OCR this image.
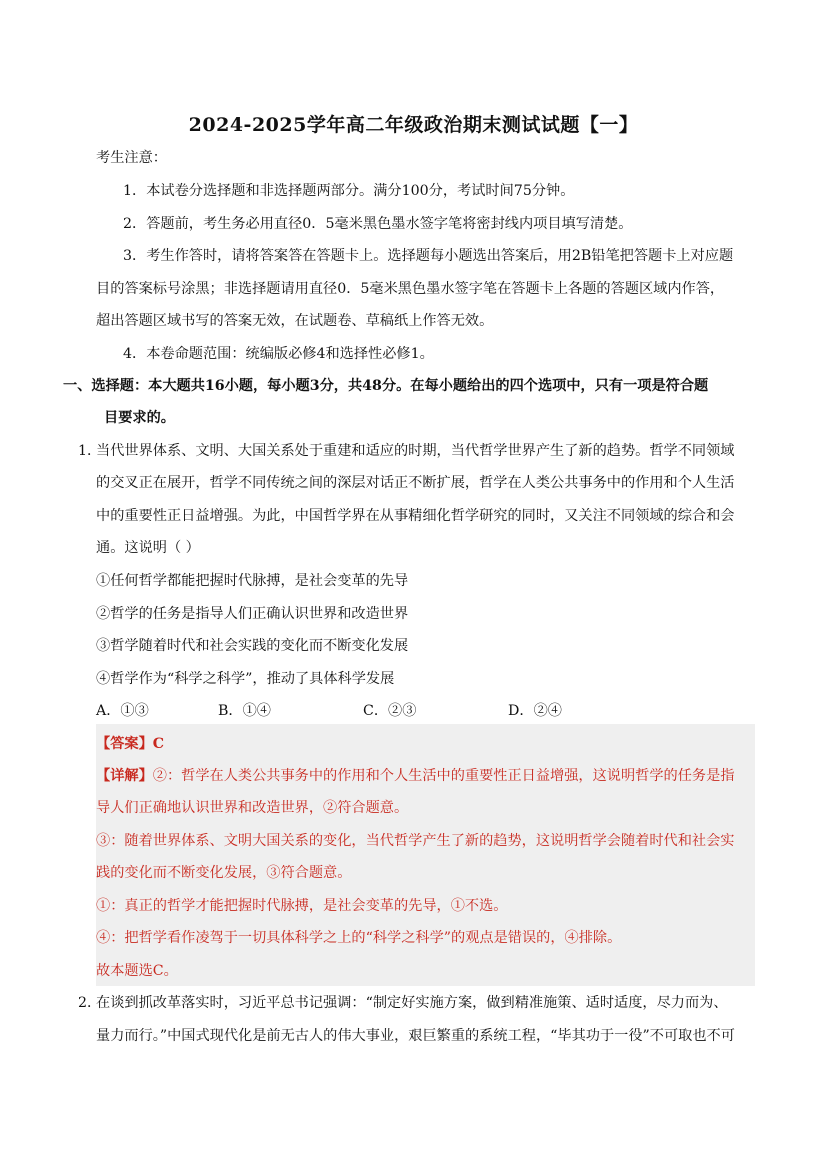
2024-2025学年高二年级政治期末测试试题【一】
考生注意：
1．本试卷分选择题和非选择题两部分。满分100分，考试时间75分钟。
2．答题前，考生务必用直径0．5毫米黑色墨水签字笔将密封线内项目填写清楚。
3．考生作答时，请将答案答在答题卡上。选择题每小题选出答案后，用2B铅笔把答题卡上对应题
目的答案标号涂黑；非选择题请用直径0．5毫米黑色墨水签字笔在答题卡上各题的答题区域内作答，
超出答题区域书写的答案无效，在试题卷、草稿纸上作答无效。
4．本卷命题范围：统编版必修4和选择性必修1。
一、选择题：本大题共16小题，每小题3分，共48分。在每小题给出的四个选项中，只有一项是符合题
目要求的。
1．
当代世界体系、文明、大国关系处于重建和适应的时期，当代哲学世界产生了新的趋势。哲学不同领域
的交叉正在展开，哲学不同传统之间的深层对话正不断扩展，哲学在人类公共事务中的作用和个人生活
中的重要性正日益增强。为此，中国哲学界在从事精细化哲学研究的同时，又关注不同领域的综合和会
通。这说明（ ）
①任何哲学都能把握时代脉搏，是社会变革的先导
②哲学的任务是指导人们正确认识世界和改造世界
③哲学随着时代和社会实践的变化而不断变化发展
④哲学作为“科学之科学”，推动了具体科学发展
A．①③	B．①④	C．②③	D．②④
【答案】C
【详解】②：哲学在人类公共事务中的作用和个人生活中的重要性正日益增强，这说明哲学的任务是指
导人们正确地认识世界和改造世界，②符合题意。
③：随着世界体系、文明大国关系的变化，当代哲学产生了新的趋势，这说明哲学会随着时代和社会实
践的变化而不断变化发展，③符合题意。
①：真正的哲学才能把握时代脉搏，是社会变革的先导，①不选。
④：把哲学看作凌驾于一切具体科学之上的“科学之科学”的观点是错误的，④排除。
故本题选C。
2．
在谈到抓改革落实时，习近平总书记强调：“制定好实施方案，做到精准施策、适时适度，尽力而为、
量力而行。”中国式现代化是前无古人的伟大事业，艰巨繁重的系统工程，“毕其功于一役”不可取也不可
